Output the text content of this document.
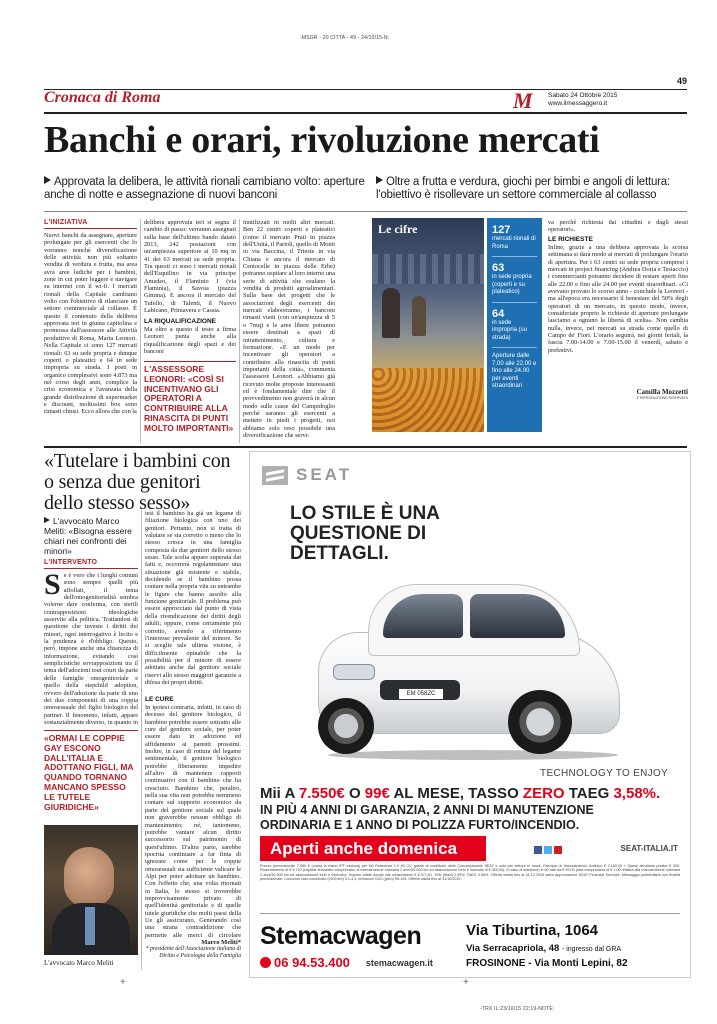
-MSGR - 20 CITTA - 49 - 24/10/15-N:
49
Cronaca di Roma	M Sabato 24 Ottobre 2015
www.ilmessaggero.it
Banchi e orari, rivoluzione mercati
Approvata la delibera, le attività rionali cambiano volto: aperture anche di notte e assegnazione di nuovi banconi
Oltre a frutta e verdura, giochi per bimbi e angoli di lettura: l'obiettivo è risollevare un settore commerciale al collasso
L'INIZIATIVA
Nuovi banchi da assegnare, aperture prolungate per gli esercenti che lo vorranno nonché diversificazione delle attività: non più soltanto vendita di verdura e frutta, ma area avrà aree ludiche per i bambini, zone in cui poter leggere e navigare su internet con il wi-fi. I mercati rionali della Capitale cambiano volto con l'obiettivo di rilanciare un settore commerciale al collasso. È questo il contenuto della delibera approvata ieri in giunta capitolina e promossa dall'assessore alle Attività produttive di Roma, Marta Leonori. Nella Capitale ci sono 127 mercati rionali: 63 su sede propria e dunque coperti o plateatici e 64 in sede impropria su strada. I posti in organico complessivi sono 4.873 ma nel corso degli anni, complice la crisi economica e l'avanzata della grande distribuzione di supermarket e discount, moltissimi box sono rimasti chiusi. Ecco allora che con la
delibera approvata ieri si segna il cambio di passo: verranno assegnati sulla base dell'ultimo bando datato 2013, 242 postazioni con un'ampiezza superiore ai 10 mq in 41 dei 63 mercati su sede propria. Tra questi ci sono i mercati rionali dell'Esquilino in via principe Amedeo, il Flaminio I (via Flaminia), il Savoia (piazza Gimma). E ancora il mercato del Tufello, di Talenti, il Nuovo Labicano, Primavera e Cassia.
LA RIQUALIFICAZIONE
Ma oltre a questo il testo a firma Leonori punta anche alla riqualificazione degli spazi e dei banconi
L'ASSESSORE LEONORI: «COSÌ SI INCENTIVANO GLI OPERATORI A CONTRIBUIRE ALLA RINASCITA DI PUNTI MOLTO IMPORTANTI»
inutilizzati in molti altri mercati. Ben 22 centri coperti e plateatici (come il mercato Prati in piazza dell'Unità, il Parioli, quello di Monti in via Baccina, il Trieste in via Chiana e ancora il mercato di Centocelle in piazza delle Erbe) potranno ospitare al loro interno una serie di attività che esulano la vendita di prodotti agroalimentari. Sulla base dei progetti che le associazioni degli esercenti dei mercati elaboreranno, i banconi rimasti vuoti (con un'ampiezza di 5 o 7mq) e le aree libere potranno essere destinati a spazi di intrattenimento, cultura e formazione. «È un modo per incentivare gli operatori a contribuire alla rinascita di punti importanti della città», commenta l'assessore Leonori. «Abbiamo già ricevuto molte proposte interessanti ed è fondamentale dire che il provvedimento non graverà in alcun modo sulle casse del Campidoglio perché saranno gli esercenti a mettere in piedi i progetti, noi abbiamo solo reso possibile una diversificazione che servi-
Le cifre	127
mercati rionali di Roma
63
in sede propria (coperti e su plateatico)
64
in sede impropria (su strada)
Aperture dalle 7.00 alle 22.00 e fino alle 24.00 per eventi straordinari
va perché richiesta dai cittadini e dagli stessi operatori».
LE RICHIESTE
Infine, grazie a una delibera approvata la scorsa settimana si darà modo ai mercati di prolungare l'orario di apertura. Per i 63 centri su sede propria compresi i mercati in project financing (Andrea Doria e Testaccio) i commercianti potranno decidere di restare aperti fino alle 22.00 e fino alle 24.00 per eventi straordinari. «Ci avevano provato lo scorso anno - conclude la Leonori - ma all'epoca era necessario il benestare del 50% degli operatori di un mercato, in questo modo, invece, consideriate proprio le richieste di aperture prolungate lasciamo a ognuno la libertà di scelta». Non cambia nulla, invece, nei mercati su strada come quello di Campo de' Fiori. L'orario seguirà, nei giorni feriali, la fascia 7.00-14.00 e 7.00-15.00 il venerdì, sabato e prefestivi.
Camilla Mozzetti
© RIPRODUZIONE RISERVATA
«Tutelare i bambini con o senza due genitori dello stesso sesso»
L'avvocato Marco Meliti: «Bisogna essere chiari nei confronti dei minori»
L'INTERVENTO
Se è vero che i luoghi comuni sono sempre quelli più affollati, il tema dell'omogenitorialità sembra volerne dare conferma, con sterili contrapposizioni ideologiche asservite alla politica. Trattandosi di questione che investe i diritti dei minori, ogni interrogativo è lecito e la prudenza è d'obbligo. Questo, però, impone anche una chiarezza di informazione, evitando così semplicistiche sovrapposizioni tra il tema dell'adozioni tout court da parte delle famiglie omogenitoriale e quello della stepchild adoption, ovvero dell'adozione da parte di uno dei due componenti di una coppia omosessuale del figlio biologico del partner. Il fenomeno, infatti, appare sostanzialmente diverso, in quanto in
«ORMAI LE COPPIE GAY ESCONO DALL'ITALIA E ADOTTANO FIGLI, MA QUANDO TORNANO MANCANO SPESSO LE TUTELE GIURIDICHE»
L'avvocato Marco Meliti
tesi il bambino ha già un legame di filiazione biologica con uno dei genitori. Pertanto, non si tratta di valutare se sia corretto o meno che lo stesso cresca in una famiglia composta da due genitori dello stesso sesso. Tale scelta appare superata dai fatti e, occorrerà regolamentare una situazione già esistente e stabile, decidendo se il bambino possa contare nella propria vita su entrambe le figure che hanno assolto alla funzione genitoriale. Il problema può essere approcciato dal punto di vista della rivendicazione dei diritti degli adulti; oppure, come certamente più corretto, avendo a riferimento l'interesse prevalente del minore. Se si sceglie tale ultima visione, è difficilmente opinabile che la possibilità per il minore di essere adottato anche dal genitore sociale riservi allo stesso maggiori garanzie a difesa dei propri diritti.
LE CURE
In ipotesi contraria, infatti, in caso di decesso del genitore biologico, il bambino potrebbe essere sottratto alle cure del genitore sociale, per poter essere dato in adozione ed affidamento ai parenti prossimi. Inoltre, in caso di rottura del legame sentimentale, il genitore biologico potrebbe liberamente impedire all'altro di mantenere rapporti continuativi con il bambino che ha cresciuto. Bambino che, peraltro, nella sua vita non potrebbe nemmeno contare sul supporto economico da parte del genitore sociale sul quale non graverebbe nessun obbligo di mantenimento; né, tantomeno, potrebbe vantare alcun diritto successorio sul patrimonio di quest'ultimo. D'altra parte, sarebbe ipocrita continuare a far finta di ignorare come per le coppie omosessuali sia sufficiente valicare le Alpi per poter adottare un bambino. Con l'effetto che, una volta ritornati in Italia, lo stesso si troverebbe improvvisamente privato di quell'identità genitoriale e di quelle tutele giuridiche che molti paesi della Ue gli assicurano. Generando così una strana contraddizione che permette alle merci di circolare
Marco Meliti*
* presidente dell'Associazione italiana di Diritto e Psicologia della Famiglia
SEAT
LO STILE È UNA QUESTIONE DI DETTAGLI.
EM 058ZC
TECHNOLOGY TO ENJOY
Mii A 7.550€ O 99€ AL MESE, TASSO ZERO TAEG 3,58%.
IN PIÙ 4 ANNI DI GARANZIA, 2 ANNI DI MANUTENZIONE
ORDINARIA E 1 ANNO DI POLIZZA FURTO/INCENDIO.
Aperti anche domenica	SEAT-ITALIA.IT
Prezzo promozionale 7.550 € (chiavi in mano IPT esclusa) per Mii Reference 1.0 60 CV, grazie al contributo delle Concessionarie SEAT e solo per vetture in stock. Esempio di finanziamento: Anticipo € 2.160,00 + Spese istruttoria pratica € 300. Finanziamento di € 5.710 (capitale finanziato comprensivo di manutenzione ordinaria 2 anni/30.000 km ed assicurazione furto e incendio di € 300,00). In caso di adesione) in 60 rate da € 99,00 (rata comprensiva di € 1,00 relativa alla manutenzione ordinaria 2 anni/30.000 km ed assicurazione furto e incendio). Importo totale dovuto dal consumatore € 6.371,81. TAN (fisso) 2,99%, TAEG 3,58%. Offerta valida fino al 31.12.2015 salvo approvazione SEAT Financial Services. Messaggio pubblicitario con finalità promozionale. Consumo ciclo combinato (l/100 km) 4,1-4,4; emissioni CO2 (g/km) 95-104. Offerta valida fino al 31/10/2015.
Stemacwagen
06 94.53.400 stemacwagen.it
Via Tiburtina, 1064
Via Serracapriola, 48 - ingresso dal GRA
FROSINONE - Via Monti Lepini, 82
+	+
-TRX IL:23/10/15 22:19-NOTE:
